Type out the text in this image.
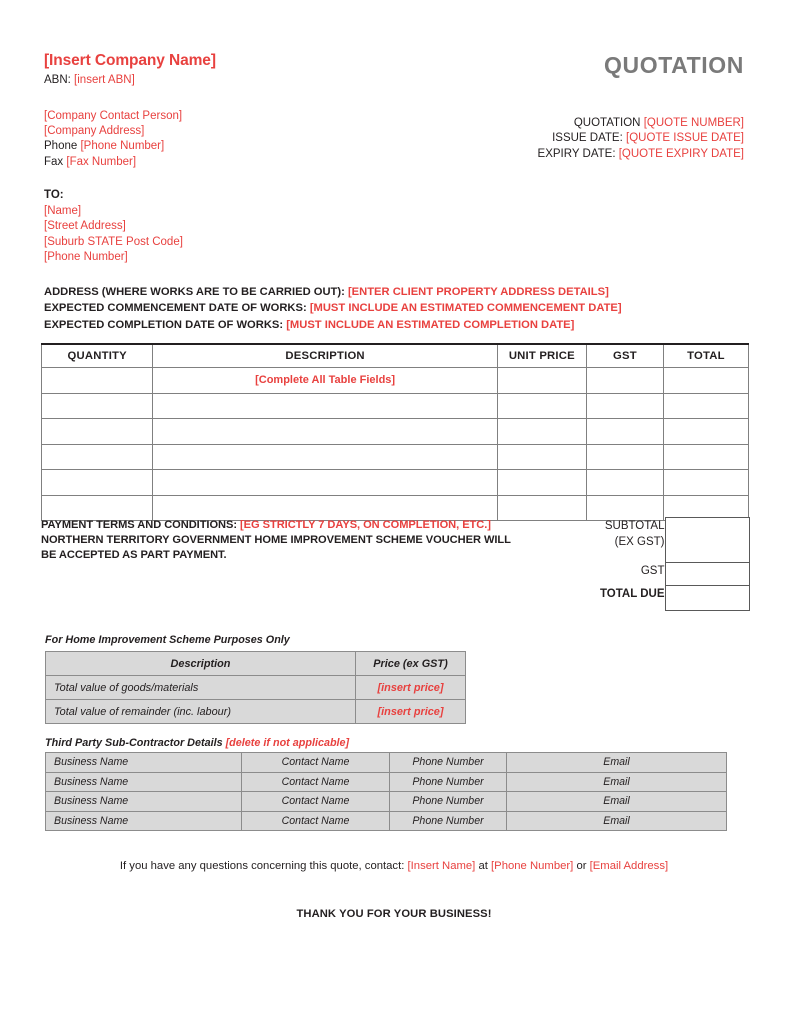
[Insert Company Name]
ABN: [insert ABN]
[Company Contact Person]
[Company Address]
Phone [Phone Number]
Fax [Fax Number]
QUOTATION
QUOTATION [QUOTE NUMBER]
ISSUE DATE: [QUOTE ISSUE DATE]
EXPIRY DATE: [QUOTE EXPIRY DATE]
TO:
[Name]
[Street Address]
[Suburb STATE Post Code]
[Phone Number]
ADDRESS (WHERE WORKS ARE TO BE CARRIED OUT): [ENTER CLIENT PROPERTY ADDRESS DETAILS]
EXPECTED COMMENCEMENT DATE OF WORKS: [MUST INCLUDE AN ESTIMATED COMMENCEMENT DATE]
EXPECTED COMPLETION DATE OF WORKS: [MUST INCLUDE AN ESTIMATED COMPLETION DATE]
QUANTITY	DESCRIPTION	UNIT PRICE	GST	TOTAL
	[Complete All Table Fields]			

PAYMENT TERMS AND CONDITIONS: [EG STRICTLY 7 DAYS, ON COMPLETION, ETC.]
NORTHERN TERRITORY GOVERNMENT HOME IMPROVEMENT SCHEME VOUCHER WILL
BE ACCEPTED AS PART PAYMENT.

SUBTOTAL
(EX GST)

	GST	
	TOTAL DUE	
For Home Improvement Scheme Purposes Only
Description	Price (ex GST)
Total value of goods/materials	[insert price]
Total value of remainder (inc. labour)	[insert price]
Third Party Sub-Contractor Details [delete if not applicable]
Business Name	Contact Name	Phone Number	Email
Business Name	Contact Name	Phone Number	Email
Business Name	Contact Name	Phone Number	Email
Business Name	Contact Name	Phone Number	Email
If you have any questions concerning this quote, contact: [Insert Name] at [Phone Number] or [Email Address]
THANK YOU FOR YOUR BUSINESS!
